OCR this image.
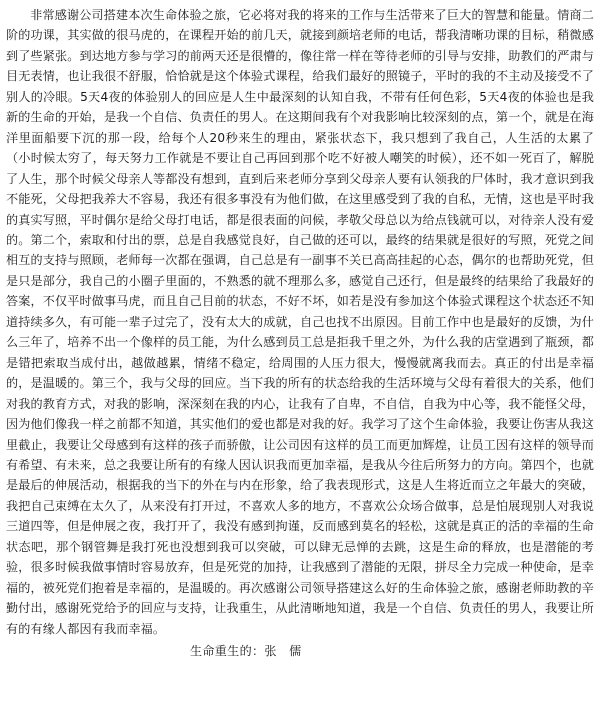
非常感谢公司搭建本次生命体验之旅，它必将对我的将来的工作与生活带来了巨大的智慧和能量。情商二阶的功课，其实做的很马虎的，在课程开始的前几天，就接到颜培老师的电话，帮我清晰功课的目标，稍微感到了些紧张。到达地方参与学习的前两天还是很懵的，像往常一样在等待老师的引导与安排，助教们的严肃与目无表情，也让我很不舒服，恰恰就是这个体验式课程，给我们最好的照镜子，平时的我的不主动及接受不了别人的冷眼。5天4夜的体验别人的回应是人生中最深刻的认知自我，不带有任何色彩，5天4夜的体验也是我新的生命的开始，是我一个自信、负责任的男人。在这期间我有个对我影响比较深刻的点，第一个，就是在海洋里面船要下沉的那一段，给每个人20秒来生的理由，紧张状态下，我只想到了我自己，人生活的太累了（小时候太穷了，每天努力工作就是不要让自己再回到那个吃不好被人嘲笑的时候），还不如一死百了，解脱了人生，那个时候父母亲人等都没有想到，直到后来老师分享到父母亲人要有认领我的尸体时，我才意识到我不能死，父母把我养大不容易，我还有很多事没有为他们做，在这里感受到了我的自私，无情，这也是平时我的真实写照，平时偶尔是给父母打电话，都是很表面的问候，孝敬父母总以为给点钱就可以，对待亲人没有爱的。第二个，索取和付出的票，总是自我感觉良好，自己做的还可以，最终的结果就是很好的写照，死党之间相互的支持与照顾，老师每一次都在强调，自己总是有一副事不关已高高挂起的心态，偶尔的也帮助死党，但是只是部分，我自己的小圈子里面的，不熟悉的就不理那么多，感觉自己还行，但是最终的结果给了我最好的答案，不仅平时做事马虎，而且自己目前的状态，不好不坏，如若是没有参加这个体验式课程这个状态还不知道持续多久，有可能一辈子过完了，没有太大的成就，自己也找不出原因。目前工作中也是最好的反馈，为什么三年了，培养不出一个像样的员工能，为什么感到员工总是拒我千里之外，为什么我的店堂遇到了瓶颈，都是错把索取当成付出，越做越累，情绪不稳定，给周围的人压力很大，慢慢就离我而去。真正的付出是幸福的，是温暖的。第三个，我与父母的回应。当下我的所有的状态给我的生活环境与父母有着很大的关系，他们对我的教育方式，对我的影响，深深刻在我的内心，让我有了自卑，不自信，自我为中心等，我不能怪父母，因为他们像我一样之前都不知道，其实他们的爱也都是对我的好。我学习了这个生命体验，我要让伤害从我这里截止，我要让父母感到有这样的孩子而骄傲，让公司因有这样的员工而更加辉煌，让员工因有这样的领导而有希望、有未来，总之我要让所有的有缘人因认识我而更加幸福，是我从今往后所努力的方向。第四个，也就是最后的伸展活动，根据我的当下的外在与内在形象，给了我表现形式，这是人生将近而立之年最大的突破，我把自己束缚在太久了，从来没有打开过，不喜欢人多的地方，不喜欢公众场合做事，总是怕展现别人对我说三道四等，但是伸展之夜，我打开了，我没有感到拘谨，反而感到莫名的轻松，这就是真正的活的幸福的生命状态吧，那个钢管舞是我打死也没想到我可以突破，可以肆无忌惮的去跳，这是生命的释放，也是潜能的考验，很多时候我做事情时容易放弃，但是死党的加持，让我感到了潜能的无限，拼尽全力完成一种使命，是幸福的，被死党们抱着是幸福的，是温暖的。再次感谢公司领导搭建这么好的生命体验之旅，感谢老师助教的辛勤付出，感谢死党给予的回应与支持，让我重生，从此清晰地知道，我是一个自信、负责任的男人，我要让所有的有缘人都因有我而幸福。

生命重生的：张　儒
